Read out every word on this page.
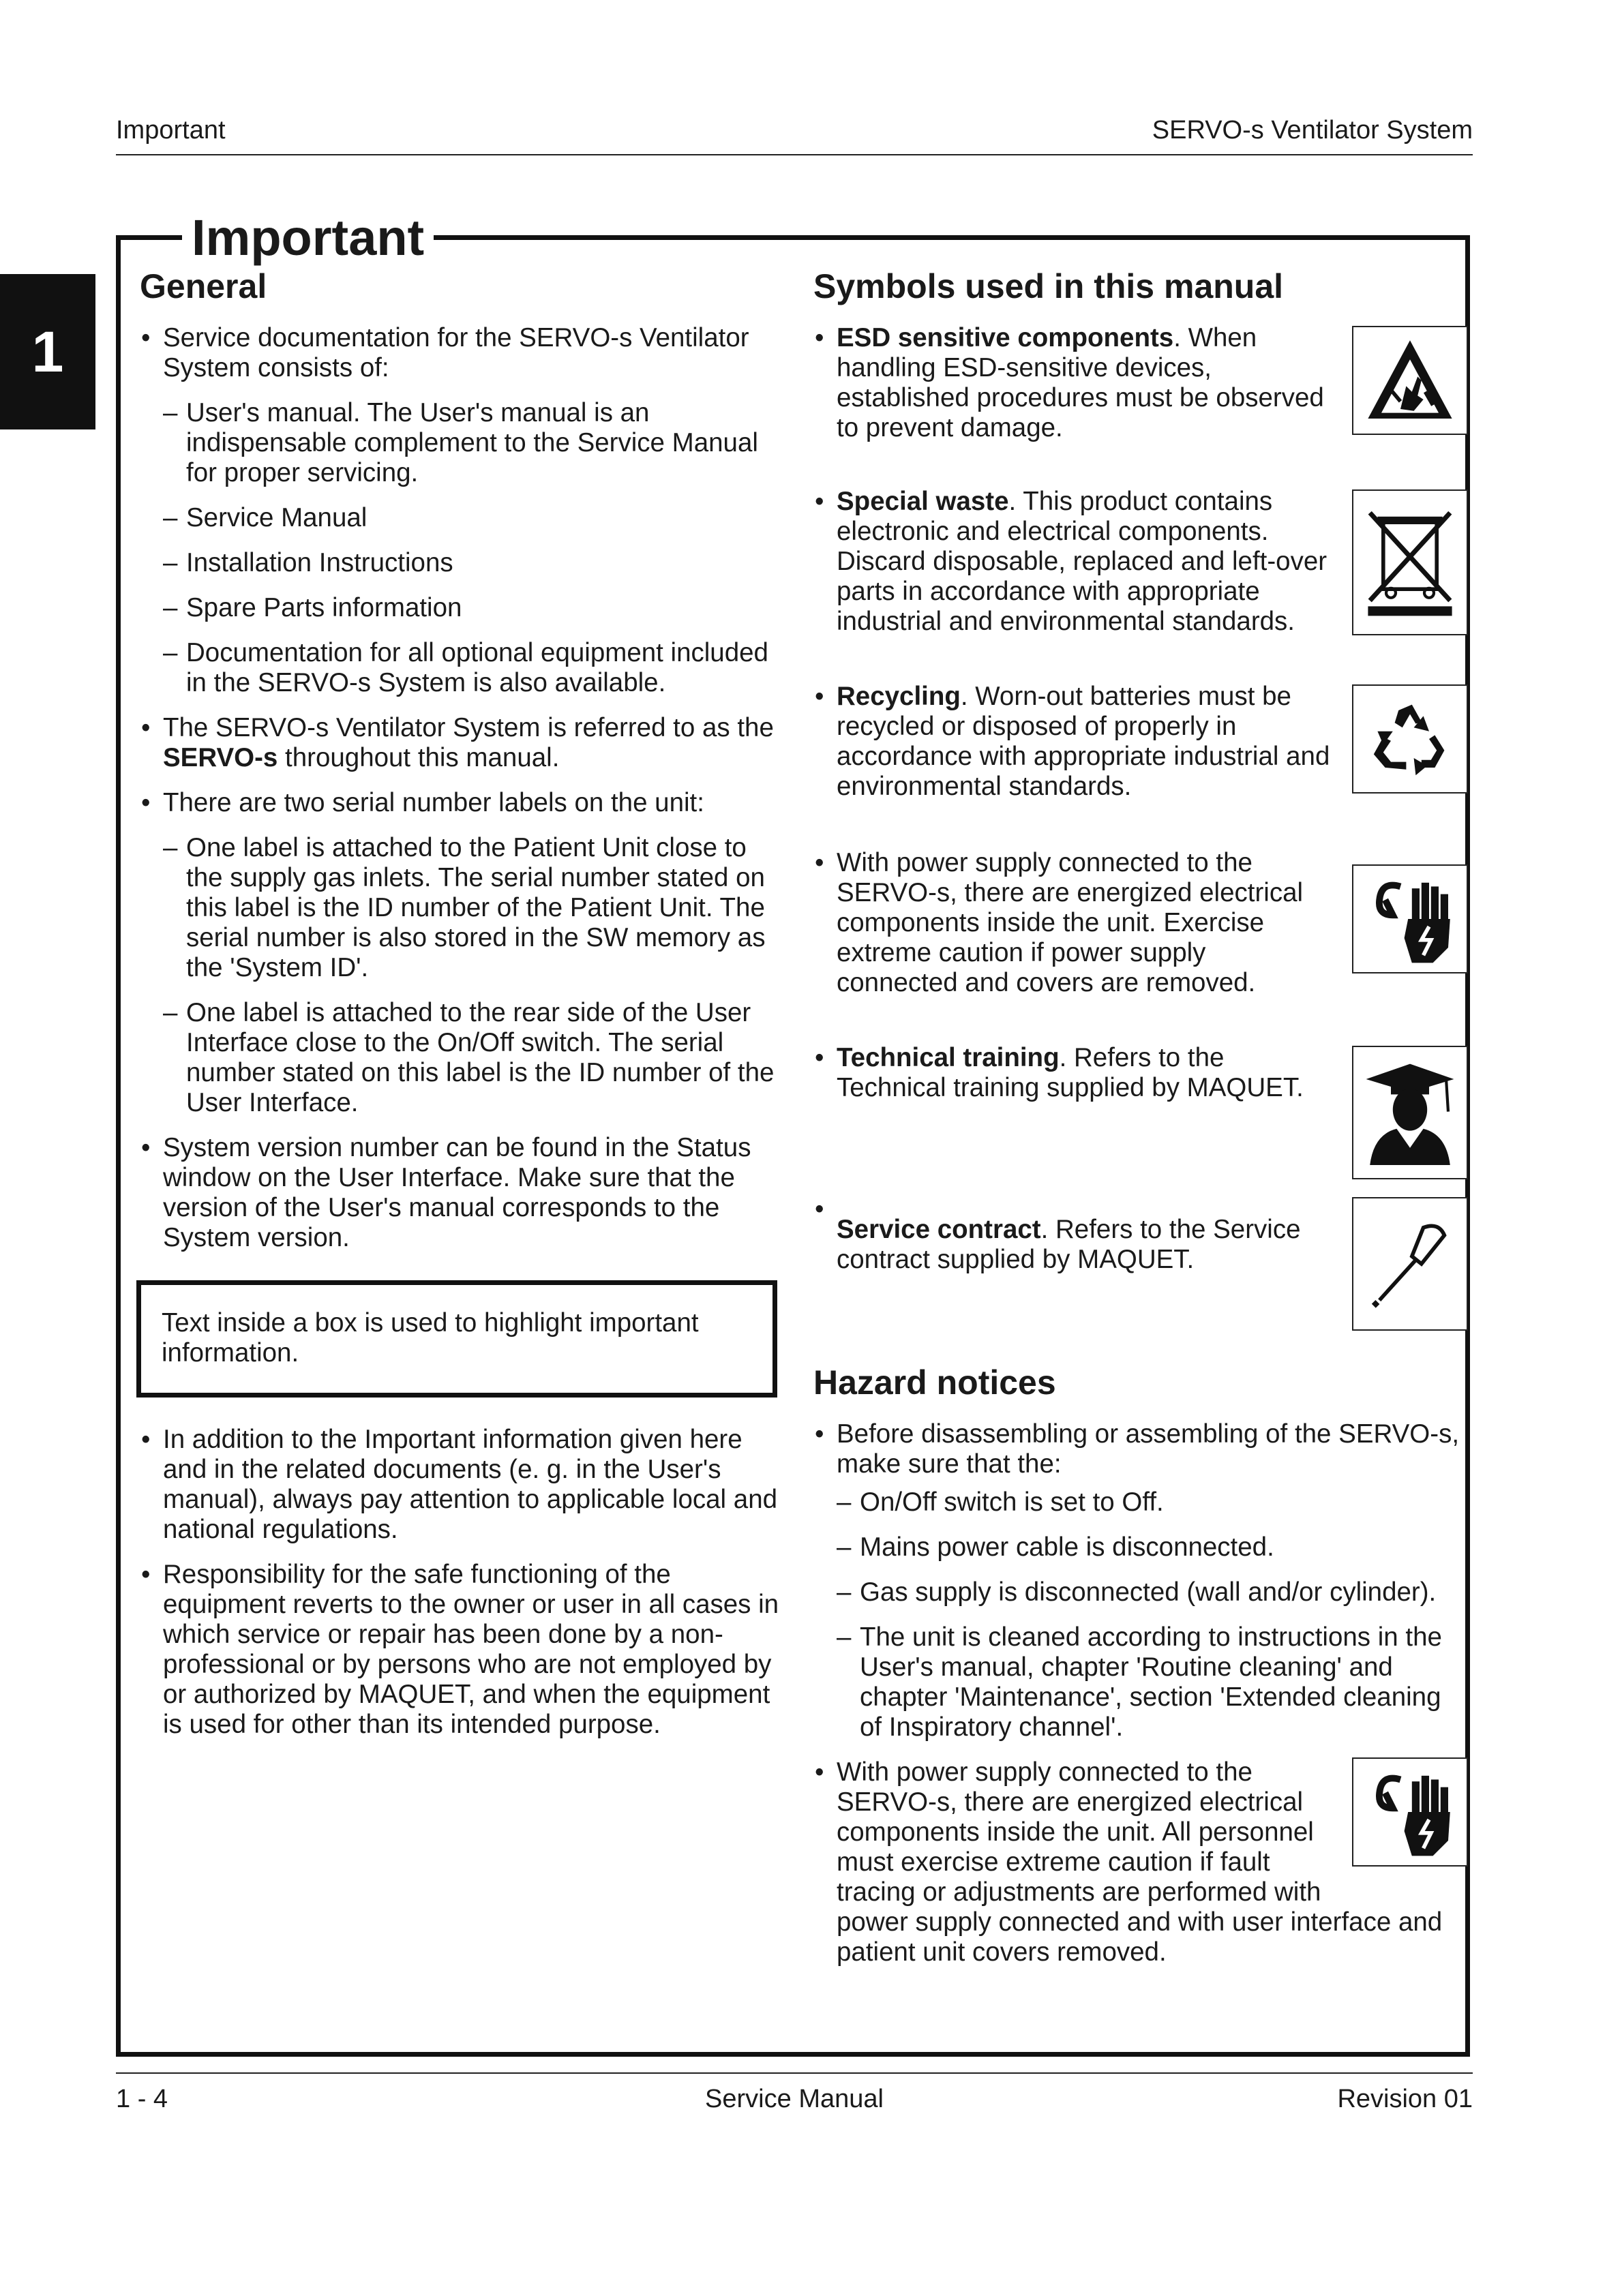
Important	SERVO-s Ventilator System
1
Important
General
• Service documentation for the SERVO-s Ventilator System consists of:
– User's manual. The User's manual is an indispensable complement to the Service Manual for proper servicing.
– Service Manual
– Installation Instructions
– Spare Parts information
– Documentation for all optional equipment included in the SERVO-s System is also available.
• The SERVO-s Ventilator System is referred to as the SERVO-s throughout this manual.
• There are two serial number labels on the unit:
– One label is attached to the Patient Unit close to the supply gas inlets. The serial number stated on this label is the ID number of the Patient Unit. The serial number is also stored in the SW memory as the 'System ID'.
– One label is attached to the rear side of the User Interface close to the On/Off switch. The serial number stated on this label is the ID number of the User Interface.
• System version number can be found in the Status window on the User Interface. Make sure that the version of the User's manual corresponds to the System version.
Text inside a box is used to highlight important information.
• In addition to the Important information given here and in the related documents (e. g. in the User's manual), always pay attention to applicable local and national regulations.
• Responsibility for the safe functioning of the equipment reverts to the owner or user in all cases in which service or repair has been done by a non-professional or by persons who are not employed by or authorized by MAQUET, and when the equipment is used for other than its intended purpose.
Symbols used in this manual
• ESD sensitive components. When handling ESD-sensitive devices, established procedures must be observed to prevent damage.
• Special waste. This product contains electronic and electrical components. Discard disposable, replaced and left-over parts in accordance with appropriate industrial and environmental standards.
• Recycling. Worn-out batteries must be recycled or disposed of properly in accordance with appropriate industrial and environmental standards.
• With power supply connected to the SERVO-s, there are energized electrical components inside the unit. Exercise extreme caution if power supply connected and covers are removed.
• Technical training. Refers to the Technical training supplied by MAQUET.
• Service contract. Refers to the Service contract supplied by MAQUET.
Hazard notices
• Before disassembling or assembling of the SERVO-s, make sure that the:
– On/Off switch is set to Off.
– Mains power cable is disconnected.
– Gas supply is disconnected (wall and/or cylinder).
– The unit is cleaned according to instructions in the User's manual, chapter 'Routine cleaning' and chapter 'Maintenance', section 'Extended cleaning of Inspiratory channel'.
• With power supply connected to the SERVO-s, there are energized electrical components inside the unit. All personnel must exercise extreme caution if fault tracing or adjustments are performed with power supply connected and with user interface and patient unit covers removed.
1 - 4	Service Manual	Revision 01
